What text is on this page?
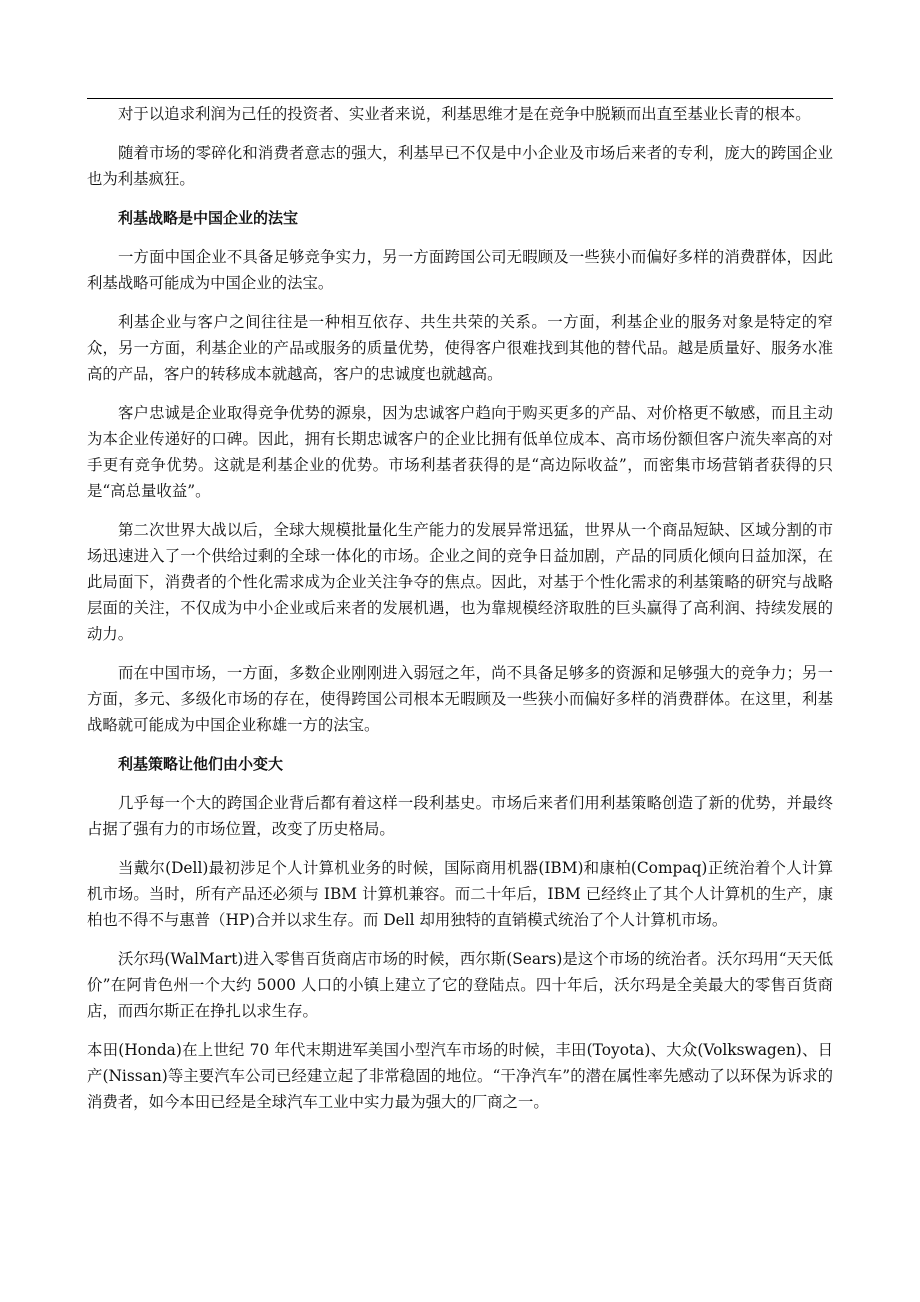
对于以追求利润为己任的投资者、实业者来说，利基思维才是在竞争中脱颖而出直至基业长青的根本。

随着市场的零碎化和消费者意志的强大，利基早已不仅是中小企业及市场后来者的专利，庞大的跨国企业也为利基疯狂。

利基战略是中国企业的法宝

一方面中国企业不具备足够竞争实力，另一方面跨国公司无暇顾及一些狭小而偏好多样的消费群体，因此利基战略可能成为中国企业的法宝。

利基企业与客户之间往往是一种相互依存、共生共荣的关系。一方面，利基企业的服务对象是特定的窄众，另一方面，利基企业的产品或服务的质量优势，使得客户很难找到其他的替代品。越是质量好、服务水准高的产品，客户的转移成本就越高，客户的忠诚度也就越高。

客户忠诚是企业取得竞争优势的源泉，因为忠诚客户趋向于购买更多的产品、对价格更不敏感，而且主动为本企业传递好的口碑。因此，拥有长期忠诚客户的企业比拥有低单位成本、高市场份额但客户流失率高的对手更有竞争优势。这就是利基企业的优势。市场利基者获得的是“高边际收益”，而密集市场营销者获得的只是“高总量收益”。

第二次世界大战以后，全球大规模批量化生产能力的发展异常迅猛，世界从一个商品短缺、区域分割的市场迅速进入了一个供给过剩的全球一体化的市场。企业之间的竞争日益加剧，产品的同质化倾向日益加深，在此局面下，消费者的个性化需求成为企业关注争夺的焦点。因此，对基于个性化需求的利基策略的研究与战略层面的关注，不仅成为中小企业或后来者的发展机遇，也为靠规模经济取胜的巨头赢得了高利润、持续发展的动力。

而在中国市场，一方面，多数企业刚刚进入弱冠之年，尚不具备足够多的资源和足够强大的竞争力；另一方面，多元、多级化市场的存在，使得跨国公司根本无暇顾及一些狭小而偏好多样的消费群体。在这里，利基战略就可能成为中国企业称雄一方的法宝。

利基策略让他们由小变大

几乎每一个大的跨国企业背后都有着这样一段利基史。市场后来者们用利基策略创造了新的优势，并最终占据了强有力的市场位置，改变了历史格局。

当戴尔(Dell)最初涉足个人计算机业务的时候，国际商用机器(IBM)和康柏(Compaq)正统治着个人计算机市场。当时，所有产品还必须与 IBM 计算机兼容。而二十年后，IBM 已经终止了其个人计算机的生产，康柏也不得不与惠普（HP)合并以求生存。而 Dell 却用独特的直销模式统治了个人计算机市场。

沃尔玛(WalMart)进入零售百货商店市场的时候，西尔斯(Sears)是这个市场的统治者。沃尔玛用“天天低价”在阿肯色州一个大约 5000 人口的小镇上建立了它的登陆点。四十年后，沃尔玛是全美最大的零售百货商店，而西尔斯正在挣扎以求生存。

本田(Honda)在上世纪 70 年代末期进军美国小型汽车市场的时候，丰田(Toyota)、大众(Volkswagen)、日产(Nissan)等主要汽车公司已经建立起了非常稳固的地位。“干净汽车”的潜在属性率先感动了以环保为诉求的消费者，如今本田已经是全球汽车工业中实力最为强大的厂商之一。
